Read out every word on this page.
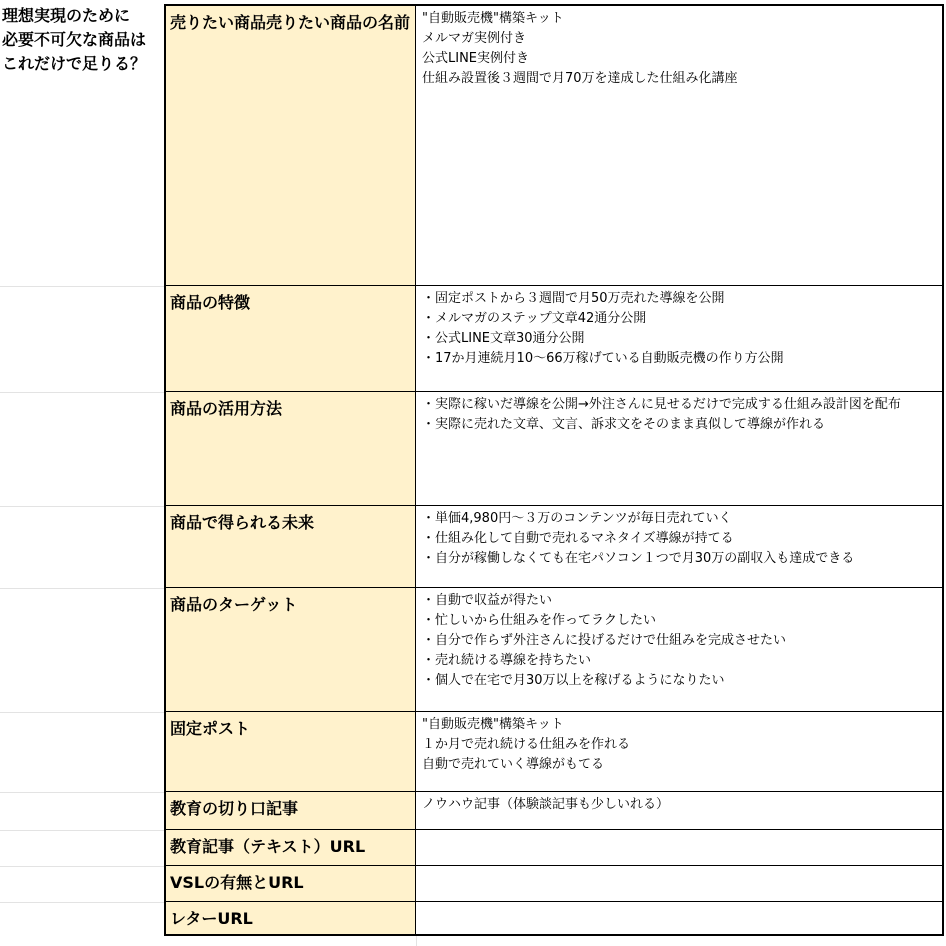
理想実現のために
必要不可欠な商品は
これだけで足りる？
売りたい商品売りたい商品の名前 "自動販売機"構築キット
メルマガ実例付き
公式LINE実例付き
仕組み設置後３週間で月70万を達成した仕組み化講座
商品の特徴	・固定ポストから３週間で月50万売れた導線を公開
・メルマガのステップ文章42通分公開
・公式LINE文章30通分公開
・17か月連続月10〜66万稼げている自動販売機の作り方公開
商品の活用方法	・実際に稼いだ導線を公開→外注さんに見せるだけで完成する仕組み設計図を配布
・実際に売れた文章、文言、訴求文をそのまま真似して導線が作れる
商品で得られる未来	・単価4,980円〜３万のコンテンツが毎日売れていく
・仕組み化して自動で売れるマネタイズ導線が持てる
・自分が稼働しなくても在宅パソコン１つで月30万の副収入も達成できる
商品のターゲット	・自動で収益が得たい
・忙しいから仕組みを作ってラクしたい
・自分で作らず外注さんに投げるだけで仕組みを完成させたい
・売れ続ける導線を持ちたい
・個人で在宅で月30万以上を稼げるようになりたい
固定ポスト	"自動販売機"構築キット
１か月で売れ続ける仕組みを作れる
自動で売れていく導線がもてる
教育の切り口記事	ノウハウ記事（体験談記事も少しいれる）
教育記事（テキスト）URL
VSLの有無とURL
レターURL
